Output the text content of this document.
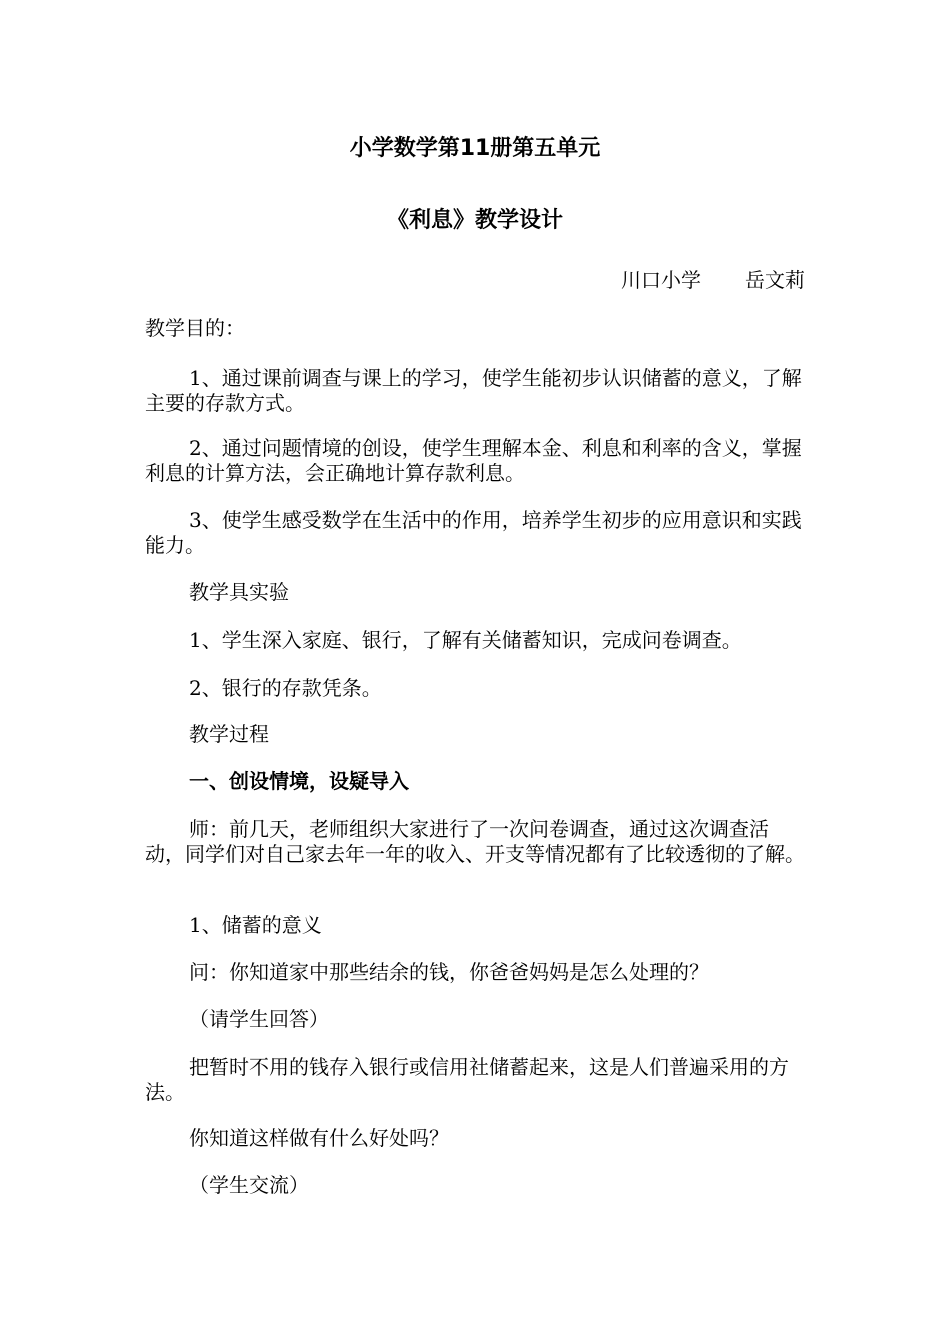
小学数学第11册第五单元
《利息》教学设计
川口小学 岳文莉

教学目的：

1、通过课前调查与课上的学习，使学生能初步认识储蓄的意义，了解主要的存款方式。

2、通过问题情境的创设，使学生理解本金、利息和利率的含义，掌握利息的计算方法，会正确地计算存款利息。

3、使学生感受数学在生活中的作用，培养学生初步的应用意识和实践能力。

教学具实验

1、学生深入家庭、银行，了解有关储蓄知识，完成问卷调查。

2、银行的存款凭条。

教学过程

一、创设情境，设疑导入

师：前几天，老师组织大家进行了一次问卷调查，通过这次调查活动，同学们对自己家去年一年的收入、开支等情况都有了比较透彻的了解。

1、储蓄的意义

问：你知道家中那些结余的钱，你爸爸妈妈是怎么处理的？

（请学生回答）

把暂时不用的钱存入银行或信用社储蓄起来，这是人们普遍采用的方法。

你知道这样做有什么好处吗？

（学生交流）
